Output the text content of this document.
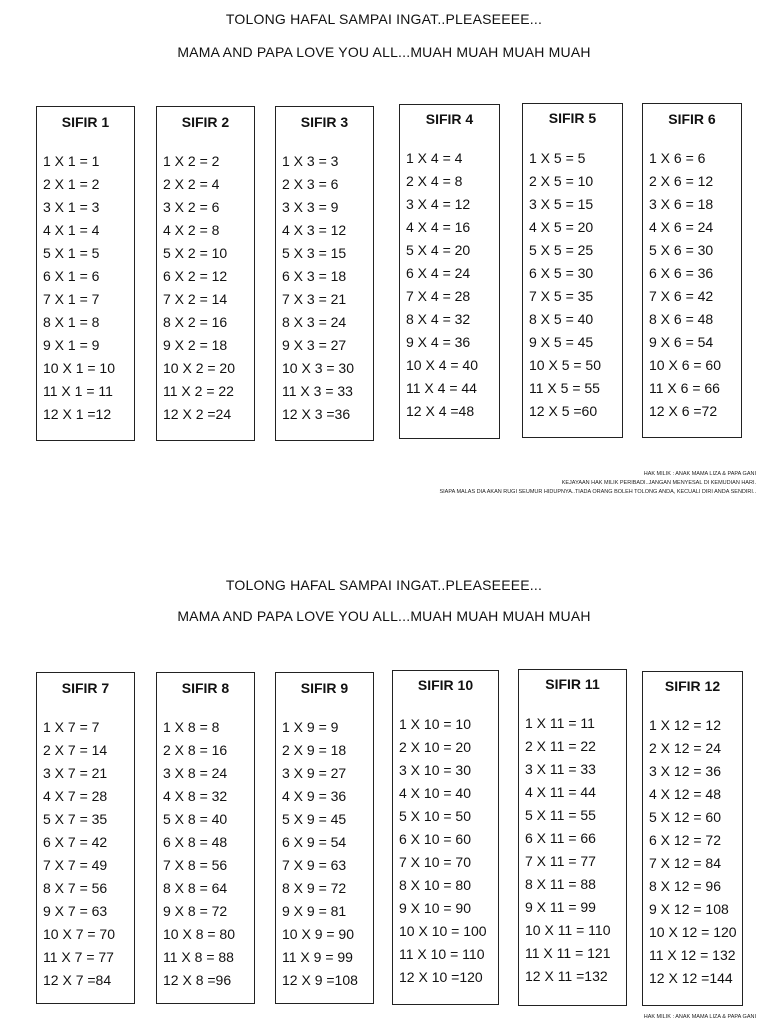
TOLONG HAFAL SAMPAI INGAT..PLEASEEEE...
MAMA AND PAPA LOVE YOU ALL...MUAH MUAH MUAH MUAH
SIFIR 1
1 X 1 = 1
2 X 1 = 2
3 X 1 = 3
4 X 1 = 4
5 X 1 = 5
6 X 1 = 6
7 X 1 = 7
8 X 1 = 8
9 X 1 = 9
10 X 1 = 10
11 X 1 = 11
12 X 1 =12
SIFIR 2
1 X 2 = 2
2 X 2 = 4
3 X 2 = 6
4 X 2 = 8
5 X 2 = 10
6 X 2 = 12
7 X 2 = 14
8 X 2 = 16
9 X 2 = 18
10 X 2 = 20
11 X 2 = 22
12 X 2 =24
SIFIR 3
1 X 3 = 3
2 X 3 = 6
3 X 3 = 9
4 X 3 = 12
5 X 3 = 15
6 X 3 = 18
7 X 3 = 21
8 X 3 = 24
9 X 3 = 27
10 X 3 = 30
11 X 3 = 33
12 X 3 =36
SIFIR 4
1 X 4 = 4
2 X 4 = 8
3 X 4 = 12
4 X 4 = 16
5 X 4 = 20
6 X 4 = 24
7 X 4 = 28
8 X 4 = 32
9 X 4 = 36
10 X 4 = 40
11 X 4 = 44
12 X 4 =48
SIFIR 5
1 X 5 = 5
2 X 5 = 10
3 X 5 = 15
4 X 5 = 20
5 X 5 = 25
6 X 5 = 30
7 X 5 = 35
8 X 5 = 40
9 X 5 = 45
10 X 5 = 50
11 X 5 = 55
12 X 5 =60
SIFIR 6
1 X 6 = 6
2 X 6 = 12
3 X 6 = 18
4 X 6 = 24
5 X 6 = 30
6 X 6 = 36
7 X 6 = 42
8 X 6 = 48
9 X 6 = 54
10 X 6 = 60
11 X 6 = 66
12 X 6 =72
HAK MILIK : ANAK MAMA LIZA & PAPA GANI
KEJAYAAN HAK MILIK PERIBADI..JANGAN MENYESAL DI KEMUDIAN HARI.
SIAPA MALAS DIA AKAN RUGI SEUMUR HIDUPNYA..TIADA ORANG BOLEH TOLONG ANDA, KECUALI DIRI ANDA SENDIRI..
TOLONG HAFAL SAMPAI INGAT..PLEASEEEE...
MAMA AND PAPA LOVE YOU ALL...MUAH MUAH MUAH MUAH
SIFIR 7
1 X 7 = 7
2 X 7 = 14
3 X 7 = 21
4 X 7 = 28
5 X 7 = 35
6 X 7 = 42
7 X 7 = 49
8 X 7 = 56
9 X 7 = 63
10 X 7 = 70
11 X 7 = 77
12 X 7 =84
SIFIR 8
1 X 8 = 8
2 X 8 = 16
3 X 8 = 24
4 X 8 = 32
5 X 8 = 40
6 X 8 = 48
7 X 8 = 56
8 X 8 = 64
9 X 8 = 72
10 X 8 = 80
11 X 8 = 88
12 X 8 =96
SIFIR 9
1 X 9 = 9
2 X 9 = 18
3 X 9 = 27
4 X 9 = 36
5 X 9 = 45
6 X 9 = 54
7 X 9 = 63
8 X 9 = 72
9 X 9 = 81
10 X 9 = 90
11 X 9 = 99
12 X 9 =108
SIFIR 10
1 X 10 = 10
2 X 10 = 20
3 X 10 = 30
4 X 10 = 40
5 X 10 = 50
6 X 10 = 60
7 X 10 = 70
8 X 10 = 80
9 X 10 = 90
10 X 10 = 100
11 X 10 = 110
12 X 10 =120
SIFIR 11
1 X 11 = 11
2 X 11 = 22
3 X 11 = 33
4 X 11 = 44
5 X 11 = 55
6 X 11 = 66
7 X 11 = 77
8 X 11 = 88
9 X 11 = 99
10 X 11 = 110
11 X 11 = 121
12 X 11 =132
SIFIR 12
1 X 12 = 12
2 X 12 = 24
3 X 12 = 36
4 X 12 = 48
5 X 12 = 60
6 X 12 = 72
7 X 12 = 84
8 X 12 = 96
9 X 12 = 108
10 X 12 = 120
11 X 12 = 132
12 X 12 =144
HAK MILIK : ANAK MAMA LIZA & PAPA GANI
